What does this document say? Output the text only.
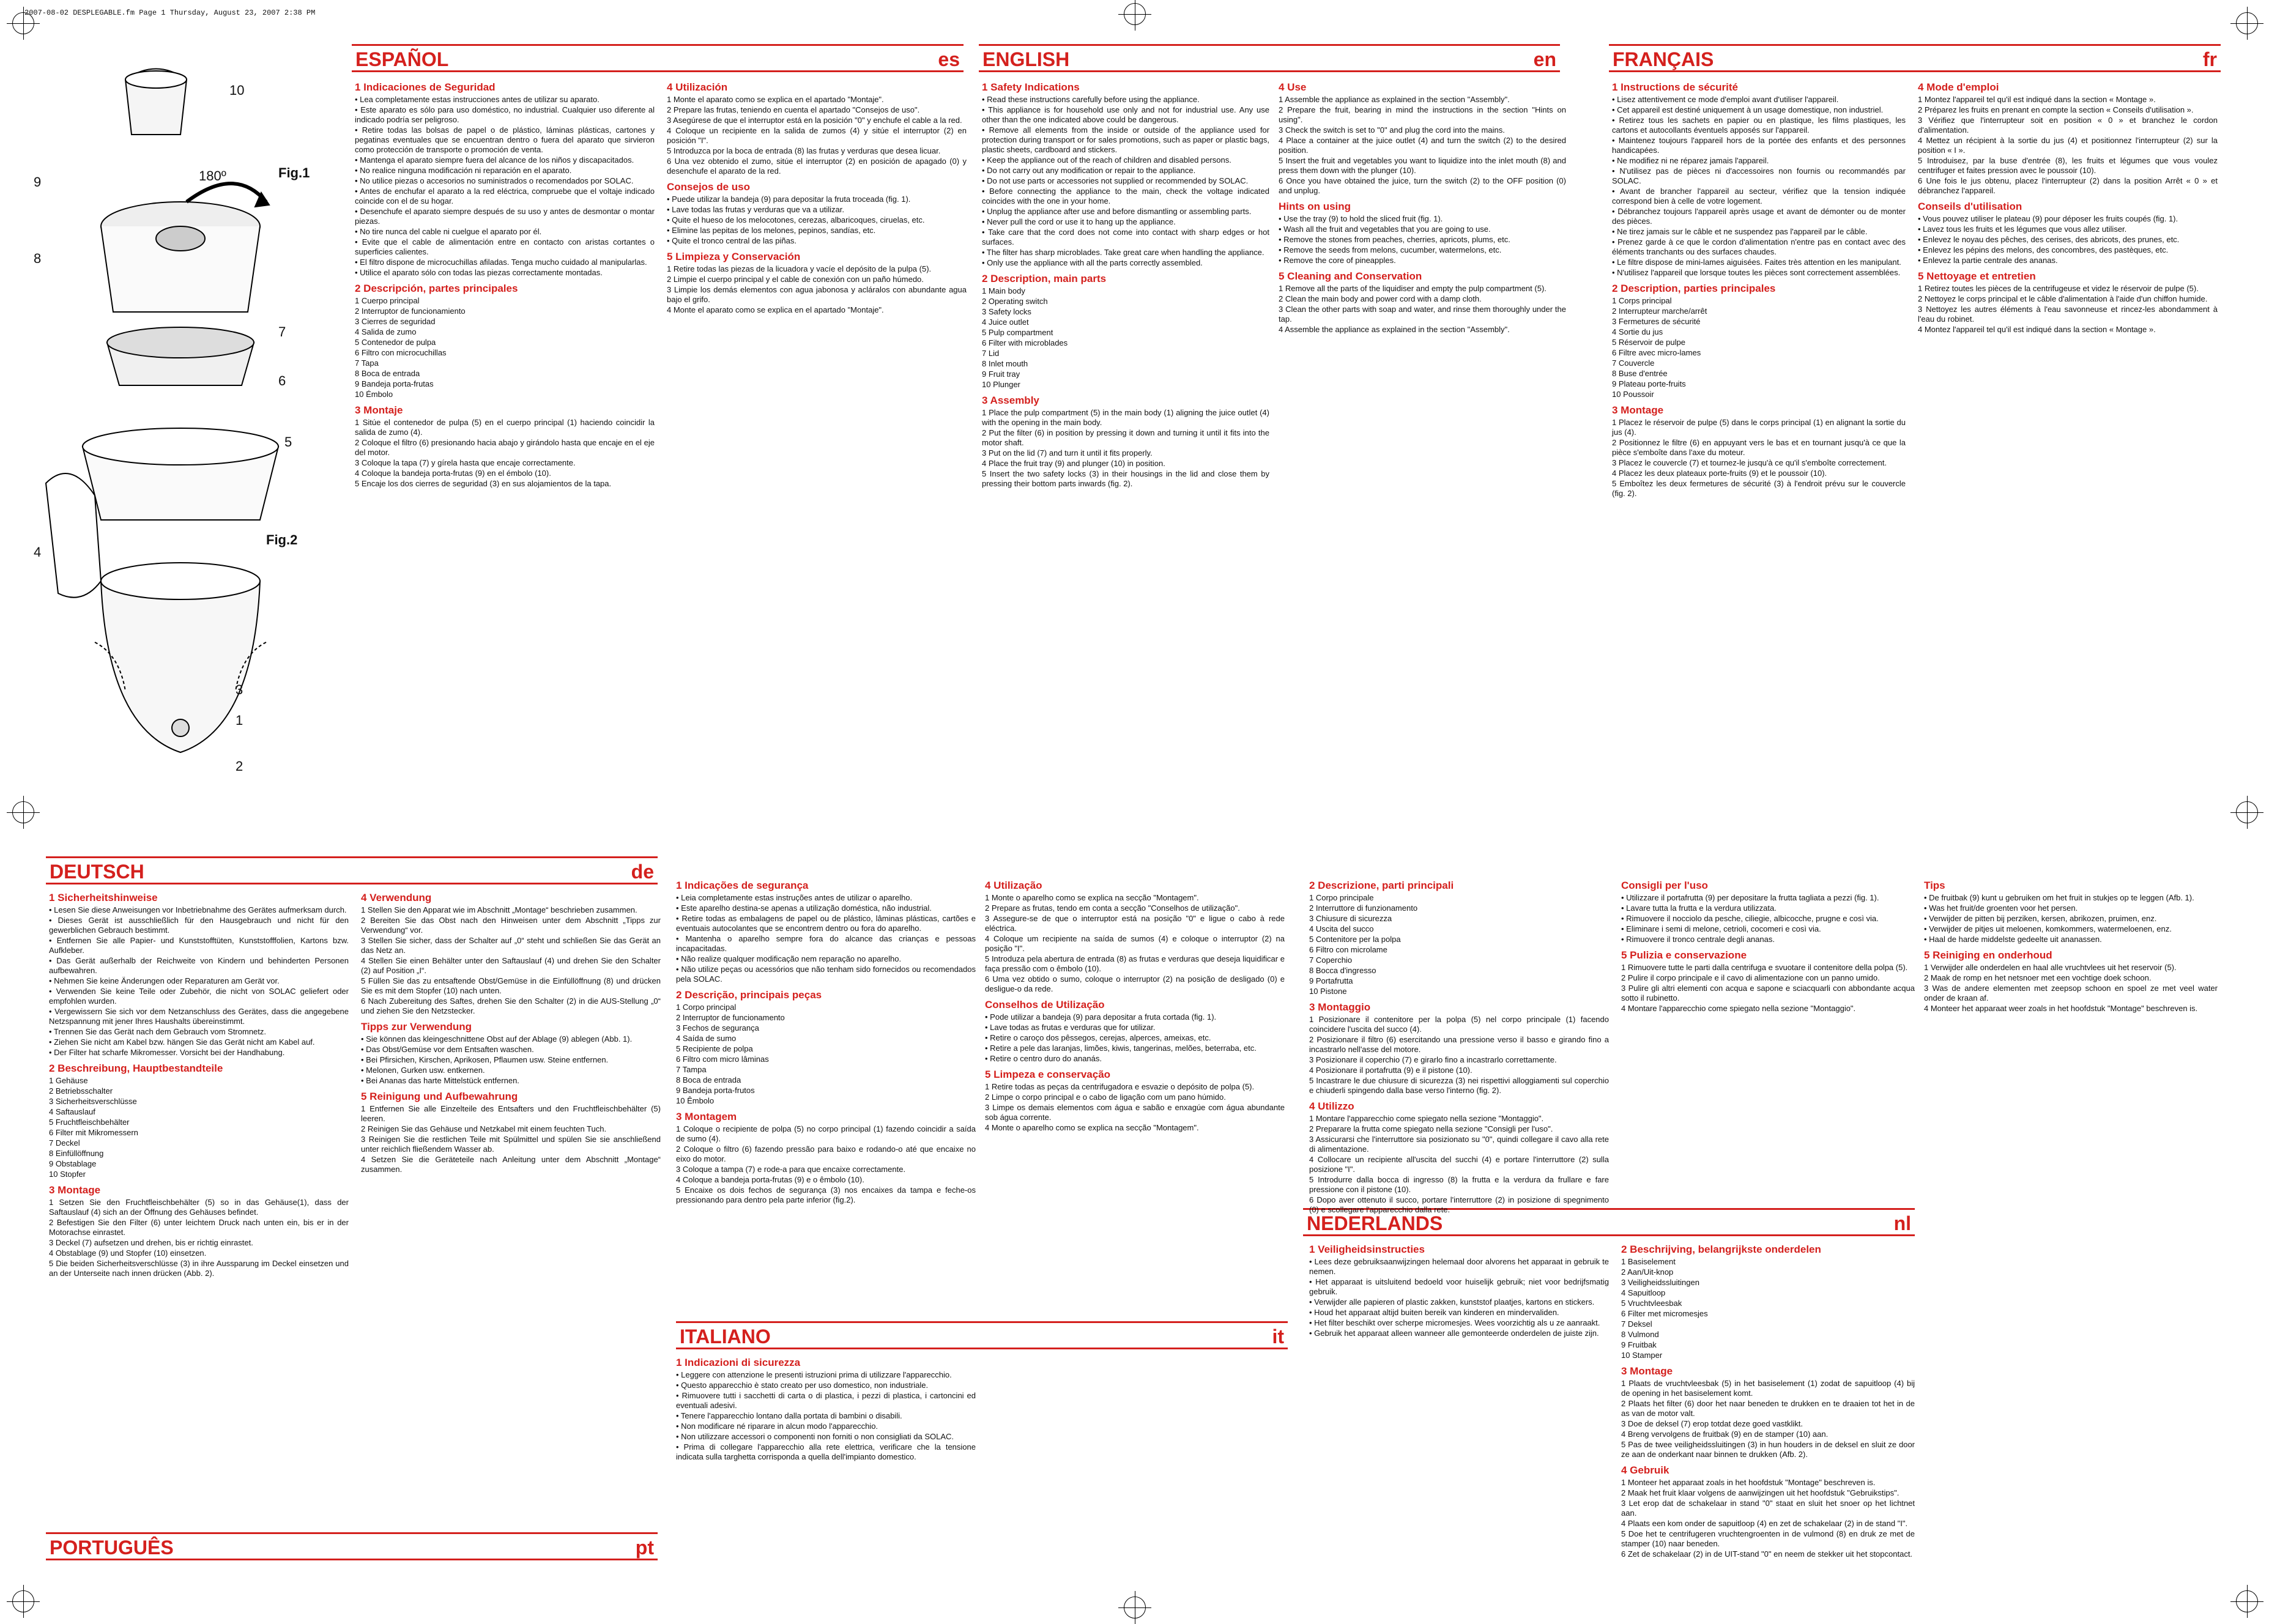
2007-08-02 DESPLEGABLE.fm Page 1 Thursday, August 23, 2007 2:38 PM
Fig.1
Fig.2
180º
10
9
8
7
6
5
4
3
1
2
ESPAÑOL	es ENGLISH	en	FRANÇAIS	fr
DEUTSCH	de
PORTUGUÊS	pt
ITALIANO	it
NEDERLANDS	nl
1 Indicaciones de Seguridad
• Lea completamente estas instrucciones antes de utilizar su aparato.
• Este aparato es sólo para uso doméstico, no industrial. Cualquier uso diferente al indicado podría ser peligroso.
• Retire todas las bolsas de papel o de plástico, láminas plásticas, cartones y pegatinas eventuales que se encuentran dentro o fuera del aparato que sirvieron como protección de transporte o promoción de venta.
• Mantenga el aparato siempre fuera del alcance de los niños y discapacitados.
• No realice ninguna modificación ni reparación en el aparato.
• No utilice piezas o accesorios no suministrados o recomendados por SOLAC.
• Antes de enchufar el aparato a la red eléctrica, compruebe que el voltaje indicado coincide con el de su hogar.
• Desenchufe el aparato siempre después de su uso y antes de desmontar o montar piezas.
• No tire nunca del cable ni cuelgue el aparato por él.
• Evite que el cable de alimentación entre en contacto con aristas cortantes o superficies calientes.
• El filtro dispone de microcuchillas afiladas. Tenga mucho cuidado al manipularlas.
• Utilice el aparato sólo con todas las piezas correctamente montadas.
2 Descripción, partes principales
1 Cuerpo principal
2 Interruptor de funcionamiento
3 Cierres de seguridad
4 Salida de zumo
5 Contenedor de pulpa
6 Filtro con microcuchillas
7 Tapa
8 Boca de entrada
9 Bandeja porta-frutas
10 Émbolo
3 Montaje
1 Sitúe el contenedor de pulpa (5) en el cuerpo principal (1) haciendo coincidir la salida de zumo (4).
2 Coloque el filtro (6) presionando hacia abajo y girándolo hasta que encaje en el eje del motor.
3 Coloque la tapa (7) y gírela hasta que encaje correctamente.
4 Coloque la bandeja porta-frutas (9) en el émbolo (10).
5 Encaje los dos cierres de seguridad (3) en sus alojamientos de la tapa.
4 Utilización
1 Monte el aparato como se explica en el apartado "Montaje".
2 Prepare las frutas, teniendo en cuenta el apartado "Consejos de uso".
3 Asegúrese de que el interruptor está en la posición "0" y enchufe el cable a la red.
4 Coloque un recipiente en la salida de zumos (4) y sitúe el interruptor (2) en posición "I".
5 Introduzca por la boca de entrada (8) las frutas y verduras que desea licuar.
6 Una vez obtenido el zumo, sitúe el interruptor (2) en posición de apagado (0) y desenchufe el aparato de la red.
Consejos de uso
• Puede utilizar la bandeja (9) para depositar la fruta troceada (fig. 1).
• Lave todas las frutas y verduras que va a utilizar.
• Quite el hueso de los melocotones, cerezas, albaricoques, ciruelas, etc.
• Elimine las pepitas de los melones, pepinos, sandías, etc.
• Quite el tronco central de las piñas.
5 Limpieza y Conservación
1 Retire todas las piezas de la licuadora y vacíe el depósito de la pulpa (5).
2 Limpie el cuerpo principal y el cable de conexión con un paño húmedo.
3 Limpie los demás elementos con agua jabonosa y acláralos con abundante agua bajo el grifo.
4 Monte el aparato como se explica en el apartado "Montaje".
1 Safety Indications
• Read these instructions carefully before using the appliance.
• This appliance is for household use only and not for industrial use. Any use other than the one indicated above could be dangerous.
• Remove all elements from the inside or outside of the appliance used for protection during transport or for sales promotions, such as paper or plastic bags, plastic sheets, cardboard and stickers.
• Keep the appliance out of the reach of children and disabled persons.
• Do not carry out any modification or repair to the appliance.
• Do not use parts or accessories not supplied or recommended by SOLAC.
• Before connecting the appliance to the main, check the voltage indicated coincides with the one in your home.
• Unplug the appliance after use and before dismantling or assembling parts.
• Never pull the cord or use it to hang up the appliance.
• Take care that the cord does not come into contact with sharp edges or hot surfaces.
• The filter has sharp microblades. Take great care when handling the appliance.
• Only use the appliance with all the parts correctly assembled.
2 Description, main parts
1 Main body
2 Operating switch
3 Safety locks
4 Juice outlet
5 Pulp compartment
6 Filter with microblades
7 Lid
8 Inlet mouth
9 Fruit tray
10 Plunger
3 Assembly
1 Place the pulp compartment (5) in the main body (1) aligning the juice outlet (4) with the opening in the main body.
2 Put the filter (6) in position by pressing it down and turning it until it fits into the motor shaft.
3 Put on the lid (7) and turn it until it fits properly.
4 Place the fruit tray (9) and plunger (10) in position.
5 Insert the two safety locks (3) in their housings in the lid and close them by pressing their bottom parts inwards (fig. 2).
4 Use
1 Assemble the appliance as explained in the section "Assembly".
2 Prepare the fruit, bearing in mind the instructions in the section "Hints on using".
3 Check the switch is set to "0" and plug the cord into the mains.
4 Place a container at the juice outlet (4) and turn the switch (2) to the desired position.
5 Insert the fruit and vegetables you want to liquidize into the inlet mouth (8) and press them down with the plunger (10).
6 Once you have obtained the juice, turn the switch (2) to the OFF position (0) and unplug.
Hints on using
• Use the tray (9) to hold the sliced fruit (fig. 1).
• Wash all the fruit and vegetables that you are going to use.
• Remove the stones from peaches, cherries, apricots, plums, etc.
• Remove the seeds from melons, cucumber, watermelons, etc.
• Remove the core of pineapples.
5 Cleaning and Conservation
1 Remove all the parts of the liquidiser and empty the pulp compartment (5).
2 Clean the main body and power cord with a damp cloth.
3 Clean the other parts with soap and water, and rinse them thoroughly under the tap.
4 Assemble the appliance as explained in the section "Assembly".
1 Instructions de sécurité
• Lisez attentivement ce mode d'emploi avant d'utiliser l'appareil.
• Cet appareil est destiné uniquement à un usage domestique, non industriel.
• Retirez tous les sachets en papier ou en plastique, les films plastiques, les cartons et autocollants éventuels apposés sur l'appareil.
• Maintenez toujours l'appareil hors de la portée des enfants et des personnes handicapées.
• Ne modifiez ni ne réparez jamais l'appareil.
• N'utilisez pas de pièces ni d'accessoires non fournis ou recommandés par SOLAC.
• Avant de brancher l'appareil au secteur, vérifiez que la tension indiquée correspond bien à celle de votre logement.
• Débranchez toujours l'appareil après usage et avant de démonter ou de monter des pièces.
• Ne tirez jamais sur le câble et ne suspendez pas l'appareil par le câble.
• Prenez garde à ce que le cordon d'alimentation n'entre pas en contact avec des éléments tranchants ou des surfaces chaudes.
• Le filtre dispose de mini-lames aiguisées. Faites très attention en les manipulant.
• N'utilisez l'appareil que lorsque toutes les pièces sont correctement assemblées.
2 Description, parties principales
1 Corps principal
2 Interrupteur marche/arrêt
3 Fermetures de sécurité
4 Sortie du jus
5 Réservoir de pulpe
6 Filtre avec micro-lames
7 Couvercle
8 Buse d'entrée
9 Plateau porte-fruits
10 Poussoir
3 Montage
1 Placez le réservoir de pulpe (5) dans le corps principal (1) en alignant la sortie du jus (4).
2 Positionnez le filtre (6) en appuyant vers le bas et en tournant jusqu'à ce que la pièce s'emboîte dans l'axe du moteur.
3 Placez le couvercle (7) et tournez-le jusqu'à ce qu'il s'emboîte correctement.
4 Placez les deux plateaux porte-fruits (9) et le poussoir (10).
5 Emboîtez les deux fermetures de sécurité (3) à l'endroit prévu sur le couvercle (fig. 2).
4 Mode d'emploi
1 Montez l'appareil tel qu'il est indiqué dans la section « Montage ».
2 Préparez les fruits en prenant en compte la section « Conseils d'utilisation ».
3 Vérifiez que l'interrupteur soit en position « 0 » et branchez le cordon d'alimentation.
4 Mettez un récipient à la sortie du jus (4) et positionnez l'interrupteur (2) sur la position « I ».
5 Introduisez, par la buse d'entrée (8), les fruits et légumes que vous voulez centrifuger et faites pression avec le poussoir (10).
6 Une fois le jus obtenu, placez l'interrupteur (2) dans la position Arrêt « 0 » et débranchez l'appareil.
Conseils d'utilisation
• Vous pouvez utiliser le plateau (9) pour déposer les fruits coupés (fig. 1).
• Lavez tous les fruits et les légumes que vous allez utiliser.
• Enlevez le noyau des pêches, des cerises, des abricots, des prunes, etc.
• Enlevez les pépins des melons, des concombres, des pastèques, etc.
• Enlevez la partie centrale des ananas.
5 Nettoyage et entretien
1 Retirez toutes les pièces de la centrifugeuse et videz le réservoir de pulpe (5).
2 Nettoyez le corps principal et le câble d'alimentation à l'aide d'un chiffon humide.
3 Nettoyez les autres éléments à l'eau savonneuse et rincez-les abondamment à l'eau du robinet.
4 Montez l'appareil tel qu'il est indiqué dans la section « Montage ».
1 Sicherheitshinweise
• Lesen Sie diese Anweisungen vor Inbetriebnahme des Gerätes aufmerksam durch.
• Dieses Gerät ist ausschließlich für den Hausgebrauch und nicht für den gewerblichen Gebrauch bestimmt.
• Entfernen Sie alle Papier- und Kunststofftüten, Kunststofffolien, Kartons bzw. Aufkleber.
• Das Gerät außerhalb der Reichweite von Kindern und behinderten Personen aufbewahren.
• Nehmen Sie keine Änderungen oder Reparaturen am Gerät vor.
• Verwenden Sie keine Teile oder Zubehör, die nicht von SOLAC geliefert oder empfohlen wurden.
• Vergewissern Sie sich vor dem Netzanschluss des Gerätes, dass die angegebene Netzspannung mit jener Ihres Haushalts übereinstimmt.
• Trennen Sie das Gerät nach dem Gebrauch vom Stromnetz.
• Ziehen Sie nicht am Kabel bzw. hängen Sie das Gerät nicht am Kabel auf.
• Der Filter hat scharfe Mikromesser. Vorsicht bei der Handhabung.
2 Beschreibung, Hauptbestandteile
1 Gehäuse
2 Betriebsschalter
3 Sicherheitsverschlüsse
4 Saftauslauf
5 Fruchtfleischbehälter
6 Filter mit Mikromessern
7 Deckel
8 Einfüllöffnung
9 Obstablage
10 Stopfer
3 Montage
1 Setzen Sie den Fruchtfleischbehälter (5) so in das Gehäuse(1), dass der Saftauslauf (4) sich an der Öffnung des Gehäuses befindet.
2 Befestigen Sie den Filter (6) unter leichtem Druck nach unten ein, bis er in der Motorachse einrastet.
3 Deckel (7) aufsetzen und drehen, bis er richtig einrastet.
4 Obstablage (9) und Stopfer (10) einsetzen.
5 Die beiden Sicherheitsverschlüsse (3) in ihre Aussparung im Deckel einsetzen und an der Unterseite nach innen drücken (Abb. 2).
4 Verwendung
1 Stellen Sie den Apparat wie im Abschnitt „Montage“ beschrieben zusammen.
2 Bereiten Sie das Obst nach den Hinweisen unter dem Abschnitt „Tipps zur Verwendung“ vor.
3 Stellen Sie sicher, dass der Schalter auf „0“ steht und schließen Sie das Gerät an das Netz an.
4 Stellen Sie einen Behälter unter den Saftauslauf (4) und drehen Sie den Schalter (2) auf Position „I“.
5 Füllen Sie das zu entsaftende Obst/Gemüse in die Einfüllöffnung (8) und drücken Sie es mit dem Stopfer (10) nach unten.
6 Nach Zubereitung des Saftes, drehen Sie den Schalter (2) in die AUS-Stellung „0“ und ziehen Sie den Netzstecker.
Tipps zur Verwendung
• Sie können das kleingeschnittene Obst auf der Ablage (9) ablegen (Abb. 1).
• Das Obst/Gemüse vor dem Entsaften waschen.
• Bei Pfirsichen, Kirschen, Aprikosen, Pflaumen usw. Steine entfernen.
• Melonen, Gurken usw. entkernen.
• Bei Ananas das harte Mittelstück entfernen.
5 Reinigung und Aufbewahrung
1 Entfernen Sie alle Einzelteile des Entsafters und den Fruchtfleischbehälter (5) leeren.
2 Reinigen Sie das Gehäuse und Netzkabel mit einem feuchten Tuch.
3 Reinigen Sie die restlichen Teile mit Spülmittel und spülen Sie sie anschließend unter reichlich fließendem Wasser ab.
4 Setzen Sie die Geräteteile nach Anleitung unter dem Abschnitt „Montage“ zusammen.
1 Indicações de segurança
• Leia completamente estas instruções antes de utilizar o aparelho.
• Este aparelho destina-se apenas a utilização doméstica, não industrial.
• Retire todas as embalagens de papel ou de plástico, lâminas plásticas, cartões e eventuais autocolantes que se encontrem dentro ou fora do aparelho.
• Mantenha o aparelho sempre fora do alcance das crianças e pessoas incapacitadas.
• Não realize qualquer modificação nem reparação no aparelho.
• Não utilize peças ou acessórios que não tenham sido fornecidos ou recomendados pela SOLAC.
2 Descrição, principais peças
1 Corpo principal
2 Interruptor de funcionamento
3 Fechos de segurança
4 Saída de sumo
5 Recipiente de polpa
6 Filtro com micro lâminas
7 Tampa
8 Boca de entrada
9 Bandeja porta-frutos
10 Êmbolo
3 Montagem
1 Coloque o recipiente de polpa (5) no corpo principal (1) fazendo coincidir a saída de sumo (4).
2 Coloque o filtro (6) fazendo pressão para baixo e rodando-o até que encaixe no eixo do motor.
3 Coloque a tampa (7) e rode-a para que encaixe correctamente.
4 Coloque a bandeja porta-frutas (9) e o êmbolo (10).
5 Encaixe os dois fechos de segurança (3) nos encaixes da tampa e feche-os pressionando para dentro pela parte inferior (fig.2).
4 Utilização
1 Monte o aparelho como se explica na secção "Montagem".
2 Prepare as frutas, tendo em conta a secção "Conselhos de utilização".
3 Assegure-se de que o interruptor está na posição "0" e ligue o cabo à rede eléctrica.
4 Coloque um recipiente na saída de sumos (4) e coloque o interruptor (2) na posição "I".
5 Introduza pela abertura de entrada (8) as frutas e verduras que deseja liquidificar e faça pressão com o êmbolo (10).
6 Uma vez obtido o sumo, coloque o interruptor (2) na posição de desligado (0) e desligue-o da rede.
Conselhos de Utilização
• Pode utilizar a bandeja (9) para depositar a fruta cortada (fig. 1).
• Lave todas as frutas e verduras que for utilizar.
• Retire o caroço dos pêssegos, cerejas, alperces, ameixas, etc.
• Retire a pele das laranjas, limões, kiwis, tangerinas, melões, beterraba, etc.
• Retire o centro duro do ananás.
5 Limpeza e conservação
1 Retire todas as peças da centrifugadora e esvazie o depósito de polpa (5).
2 Limpe o corpo principal e o cabo de ligação com um pano húmido.
3 Limpe os demais elementos com água e sabão e enxagúe com água abundante sob água corrente.
4 Monte o aparelho como se explica na secção "Montagem".
1 Indicazioni di sicurezza
• Leggere con attenzione le presenti istruzioni prima di utilizzare l'apparecchio.
• Questo apparecchio è stato creato per uso domestico, non industriale.
• Rimuovere tutti i sacchetti di carta o di plastica, i pezzi di plastica, i cartoncini ed eventuali adesivi.
• Tenere l'apparecchio lontano dalla portata di bambini o disabili.
• Non modificare né riparare in alcun modo l'apparecchio.
• Non utilizzare accessori o componenti non forniti o non consigliati da SOLAC.
• Prima di collegare l'apparecchio alla rete elettrica, verificare che la tensione indicata sulla targhetta corrisponda a quella dell'impianto domestico.
2 Descrizione, parti principali
1 Corpo principale
2 Interruttore di funzionamento
3 Chiusure di sicurezza
4 Uscita del succo
5 Contenitore per la polpa
6 Filtro con microlame
7 Coperchio
8 Bocca d'ingresso
9 Portafrutta
10 Pistone
3 Montaggio
1 Posizionare il contenitore per la polpa (5) nel corpo principale (1) facendo coincidere l'uscita del succo (4).
2 Posizionare il filtro (6) esercitando una pressione verso il basso e girando fino a incastrarlo nell'asse del motore.
3 Posizionare il coperchio (7) e girarlo fino a incastrarlo correttamente.
4 Posizionare il portafrutta (9) e il pistone (10).
5 Incastrare le due chiusure di sicurezza (3) nei rispettivi alloggiamenti sul coperchio e chiuderli spingendo dalla base verso l'interno (fig. 2).
4 Utilizzo
1 Montare l'apparecchio come spiegato nella sezione "Montaggio".
2 Preparare la frutta come spiegato nella sezione "Consigli per l'uso".
3 Assicurarsi che l'interruttore sia posizionato su "0", quindi collegare il cavo alla rete di alimentazione.
4 Collocare un recipiente all'uscita del succhi (4) e portare l'interruttore (2) sulla posizione "I".
5 Introdurre dalla bocca di ingresso (8) la frutta e la verdura da frullare e fare pressione con il pistone (10).
6 Dopo aver ottenuto il succo, portare l'interruttore (2) in posizione di spegnimento (0) e scollegare l'apparecchio dalla rete.
Consigli per l'uso
• Utilizzare il portafrutta (9) per depositare la frutta tagliata a pezzi (fig. 1).
• Lavare tutta la frutta e la verdura utilizzata.
• Rimuovere il nocciolo da pesche, ciliegie, albicocche, prugne e così via.
• Eliminare i semi di melone, cetrioli, cocomeri e così via.
• Rimuovere il tronco centrale degli ananas.
5 Pulizia e conservazione
1 Rimuovere tutte le parti dalla centrifuga e svuotare il contenitore della polpa (5).
2 Pulire il corpo principale e il cavo di alimentazione con un panno umido.
3 Pulire gli altri elementi con acqua e sapone e sciacquarli con abbondante acqua sotto il rubinetto.
4 Montare l'apparecchio come spiegato nella sezione "Montaggio".
1 Veiligheidsinstructies
• Lees deze gebruiksaanwijzingen helemaal door alvorens het apparaat in gebruik te nemen.
• Het apparaat is uitsluitend bedoeld voor huiselijk gebruik; niet voor bedrijfsmatig gebruik.
• Verwijder alle papieren of plastic zakken, kunststof plaatjes, kartons en stickers.
• Houd het apparaat altijd buiten bereik van kinderen en mindervaliden.
• Het filter beschikt over scherpe micromesjes. Wees voorzichtig als u ze aanraakt.
• Gebruik het apparaat alleen wanneer alle gemonteerde onderdelen de juiste zijn.
2 Beschrijving, belangrijkste onderdelen
1 Basiselement
2 Aan/Uit-knop
3 Veiligheidssluitingen
4 Sapuitloop
5 Vruchtvleesbak
6 Filter met micromesjes
7 Deksel
8 Vulmond
9 Fruitbak
10 Stamper
3 Montage
1 Plaats de vruchtvleesbak (5) in het basiselement (1) zodat de sapuitloop (4) bij de opening in het basiselement komt.
2 Plaats het filter (6) door het naar beneden te drukken en te draaien tot het in de as van de motor valt.
3 Doe de deksel (7) erop totdat deze goed vastklikt.
4 Breng vervolgens de fruitbak (9) en de stamper (10) aan.
5 Pas de twee veiligheidssluitingen (3) in hun houders in de deksel en sluit ze door ze aan de onderkant naar binnen te drukken (Afb. 2).
4 Gebruik
1 Monteer het apparaat zoals in het hoofdstuk "Montage" beschreven is.
2 Maak het fruit klaar volgens de aanwijzingen uit het hoofdstuk "Gebruikstips".
3 Let erop dat de schakelaar in stand "0" staat en sluit het snoer op het lichtnet aan.
4 Plaats een kom onder de sapuitloop (4) en zet de schakelaar (2) in de stand "I".
5 Doe het te centrifugeren vruchtengroenten in de vulmond (8) en druk ze met de stamper (10) naar beneden.
6 Zet de schakelaar (2) in de UIT-stand "0" en neem de stekker uit het stopcontact.
Tips
• De fruitbak (9) kunt u gebruiken om het fruit in stukjes op te leggen (Afb. 1).
• Was het fruit/de groenten voor het persen.
• Verwijder de pitten bij perziken, kersen, abrikozen, pruimen, enz.
• Verwijder de pitjes uit meloenen, komkommers, watermeloenen, enz.
• Haal de harde middelste gedeelte uit ananassen.
5 Reiniging en onderhoud
1 Verwijder alle onderdelen en haal alle vruchtvlees uit het reservoir (5).
2 Maak de romp en het netsnoer met een vochtige doek schoon.
3 Was de andere elementen met zeepsop schoon en spoel ze met veel water onder de kraan af.
4 Monteer het apparaat weer zoals in het hoofdstuk "Montage" beschreven is.
